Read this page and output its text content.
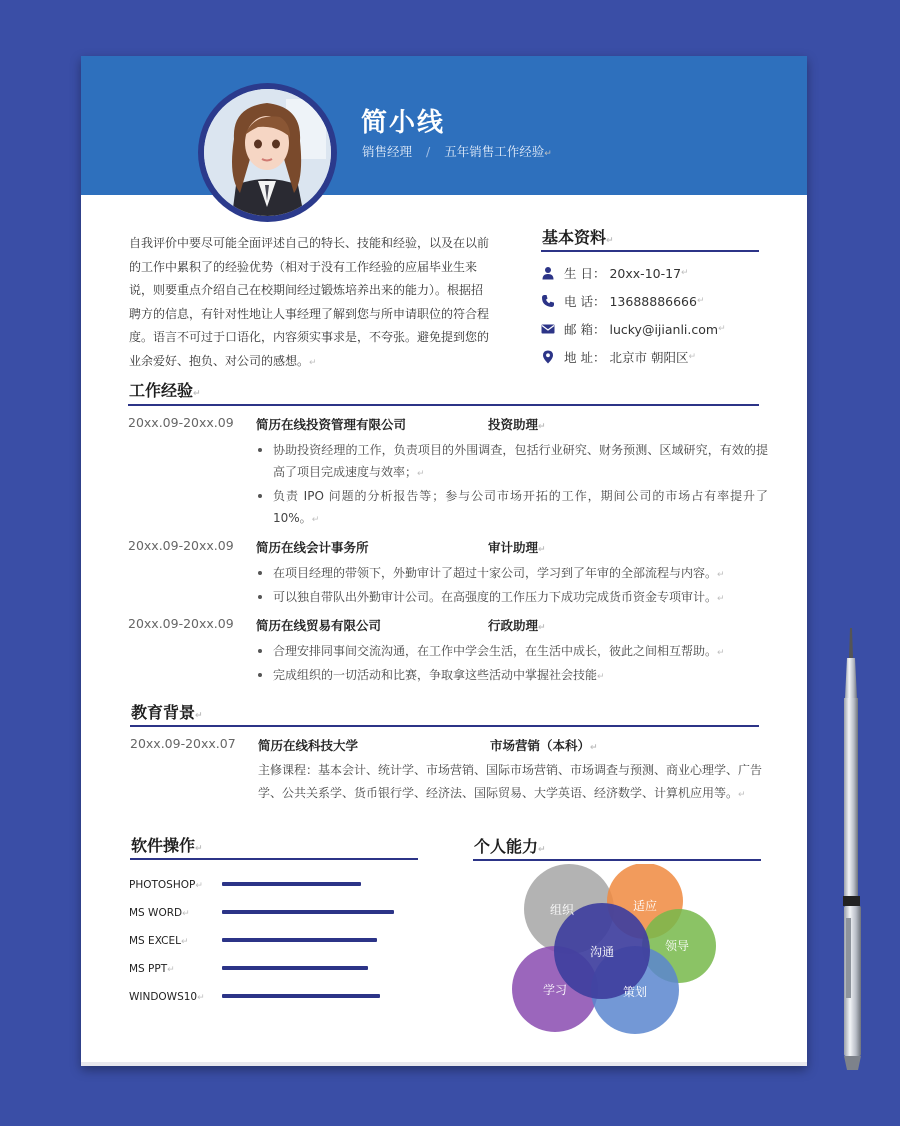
简小线
销售经理 / 五年销售工作经验↵
自我评价中要尽可能全面评述自己的特长、技能和经验，以及在以前的工作中累积了的经验优势（相对于没有工作经验的应届毕业生来说，则要重点介绍自己在校期间经过锻炼培养出来的能力）。根据招聘方的信息，有针对性地让人事经理了解到您与所申请职位的符合程度。语言不可过于口语化，内容须实事求是，不夸张。避免提到您的业余爱好、抱负、对公司的感想。↵
基本资料↵
生 日： 20xx-10-17 ↵
电 话： 13688886666 ↵
邮 箱： lucky@ijianli.com ↵
地 址： 北京市 朝阳区 ↵
工作经验↵
20xx.09-20xx.09 简历在线投资管理有限公司	投资助理↵
协助投资经理的工作，负责项目的外围调查，包括行业研究、财务预测、区域研究，有效的提高了项目完成速度与效率；↵
负责 IPO 问题的分析报告等；参与公司市场开拓的工作，期间公司的市场占有率提升了 10%。↵
20xx.09-20xx.09 简历在线会计事务所	审计助理↵
在项目经理的带领下，外勤审计了超过十家公司，学习到了年审的全部流程与内容。↵
可以独自带队出外勤审计公司。在高强度的工作压力下成功完成货币资金专项审计。↵
20xx.09-20xx.09 简历在线贸易有限公司	行政助理↵
合理安排同事间交流沟通，在工作中学会生活，在生活中成长，彼此之间相互帮助。↵
完成组织的一切活动和比赛，争取拿这些活动中掌握社会技能↵
教育背景↵
20xx.09-20xx.07 简历在线科技大学	市场营销（本科）↵
主修课程：基本会计、统计学、市场营销、国际市场营销、市场调查与预测、商业心理学、广告学、公共关系学、货币银行学、经济法、国际贸易、大学英语、经济数学、计算机应用等。↵
软件操作↵
PHOTOSHOP↵
MS WORD↵
MS EXCEL↵
MS PPT↵
WINDOWS10↵
个人能力↵
组织	适应
领导
学习	策划
沟通
